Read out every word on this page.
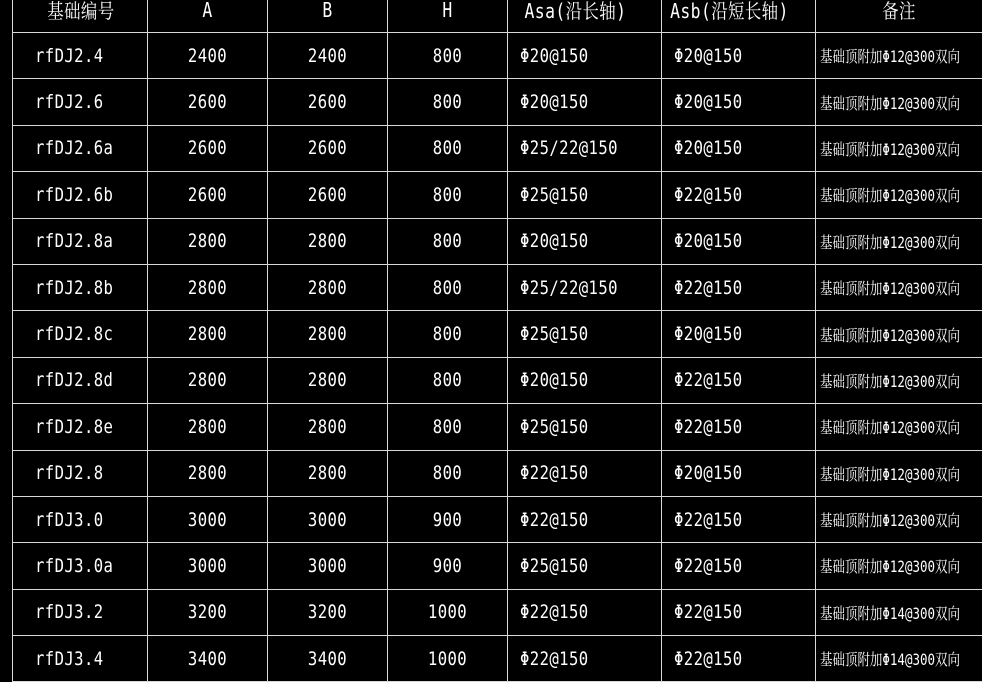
基础编号	A	B	H	Asa(沿长轴)	Asb(沿短长轴)	备注

rfDJ2.4	2400	2400	800	Φ20@150	Φ20@150	基础顶附加Φ12@300双向

rfDJ2.6	2600	2600	800	Φ20@150	Φ20@150	基础顶附加Φ12@300双向

rfDJ2.6a	2600	2600	800	Φ25/22@150	Φ20@150	基础顶附加Φ12@300双向

rfDJ2.6b	2600	2600	800	Φ25@150	Φ22@150	基础顶附加Φ12@300双向

rfDJ2.8a	2800	2800	800	Φ20@150	Φ20@150	基础顶附加Φ12@300双向

rfDJ2.8b	2800	2800	800	Φ25/22@150	Φ22@150	基础顶附加Φ12@300双向

rfDJ2.8c	2800	2800	800	Φ25@150	Φ20@150	基础顶附加Φ12@300双向

rfDJ2.8d	2800	2800	800	Φ20@150	Φ22@150	基础顶附加Φ12@300双向

rfDJ2.8e	2800	2800	800	Φ25@150	Φ22@150	基础顶附加Φ12@300双向

rfDJ2.8	2800	2800	800	Φ22@150	Φ20@150	基础顶附加Φ12@300双向

rfDJ3.0	3000	3000	900	Φ22@150	Φ22@150	基础顶附加Φ12@300双向

rfDJ3.0a	3000	3000	900	Φ25@150	Φ22@150	基础顶附加Φ12@300双向

rfDJ3.2	3200	3200	1000	Φ22@150	Φ22@150	基础顶附加Φ14@300双向

rfDJ3.4	3400	3400	1000	Φ22@150	Φ22@150	基础顶附加Φ14@300双向
